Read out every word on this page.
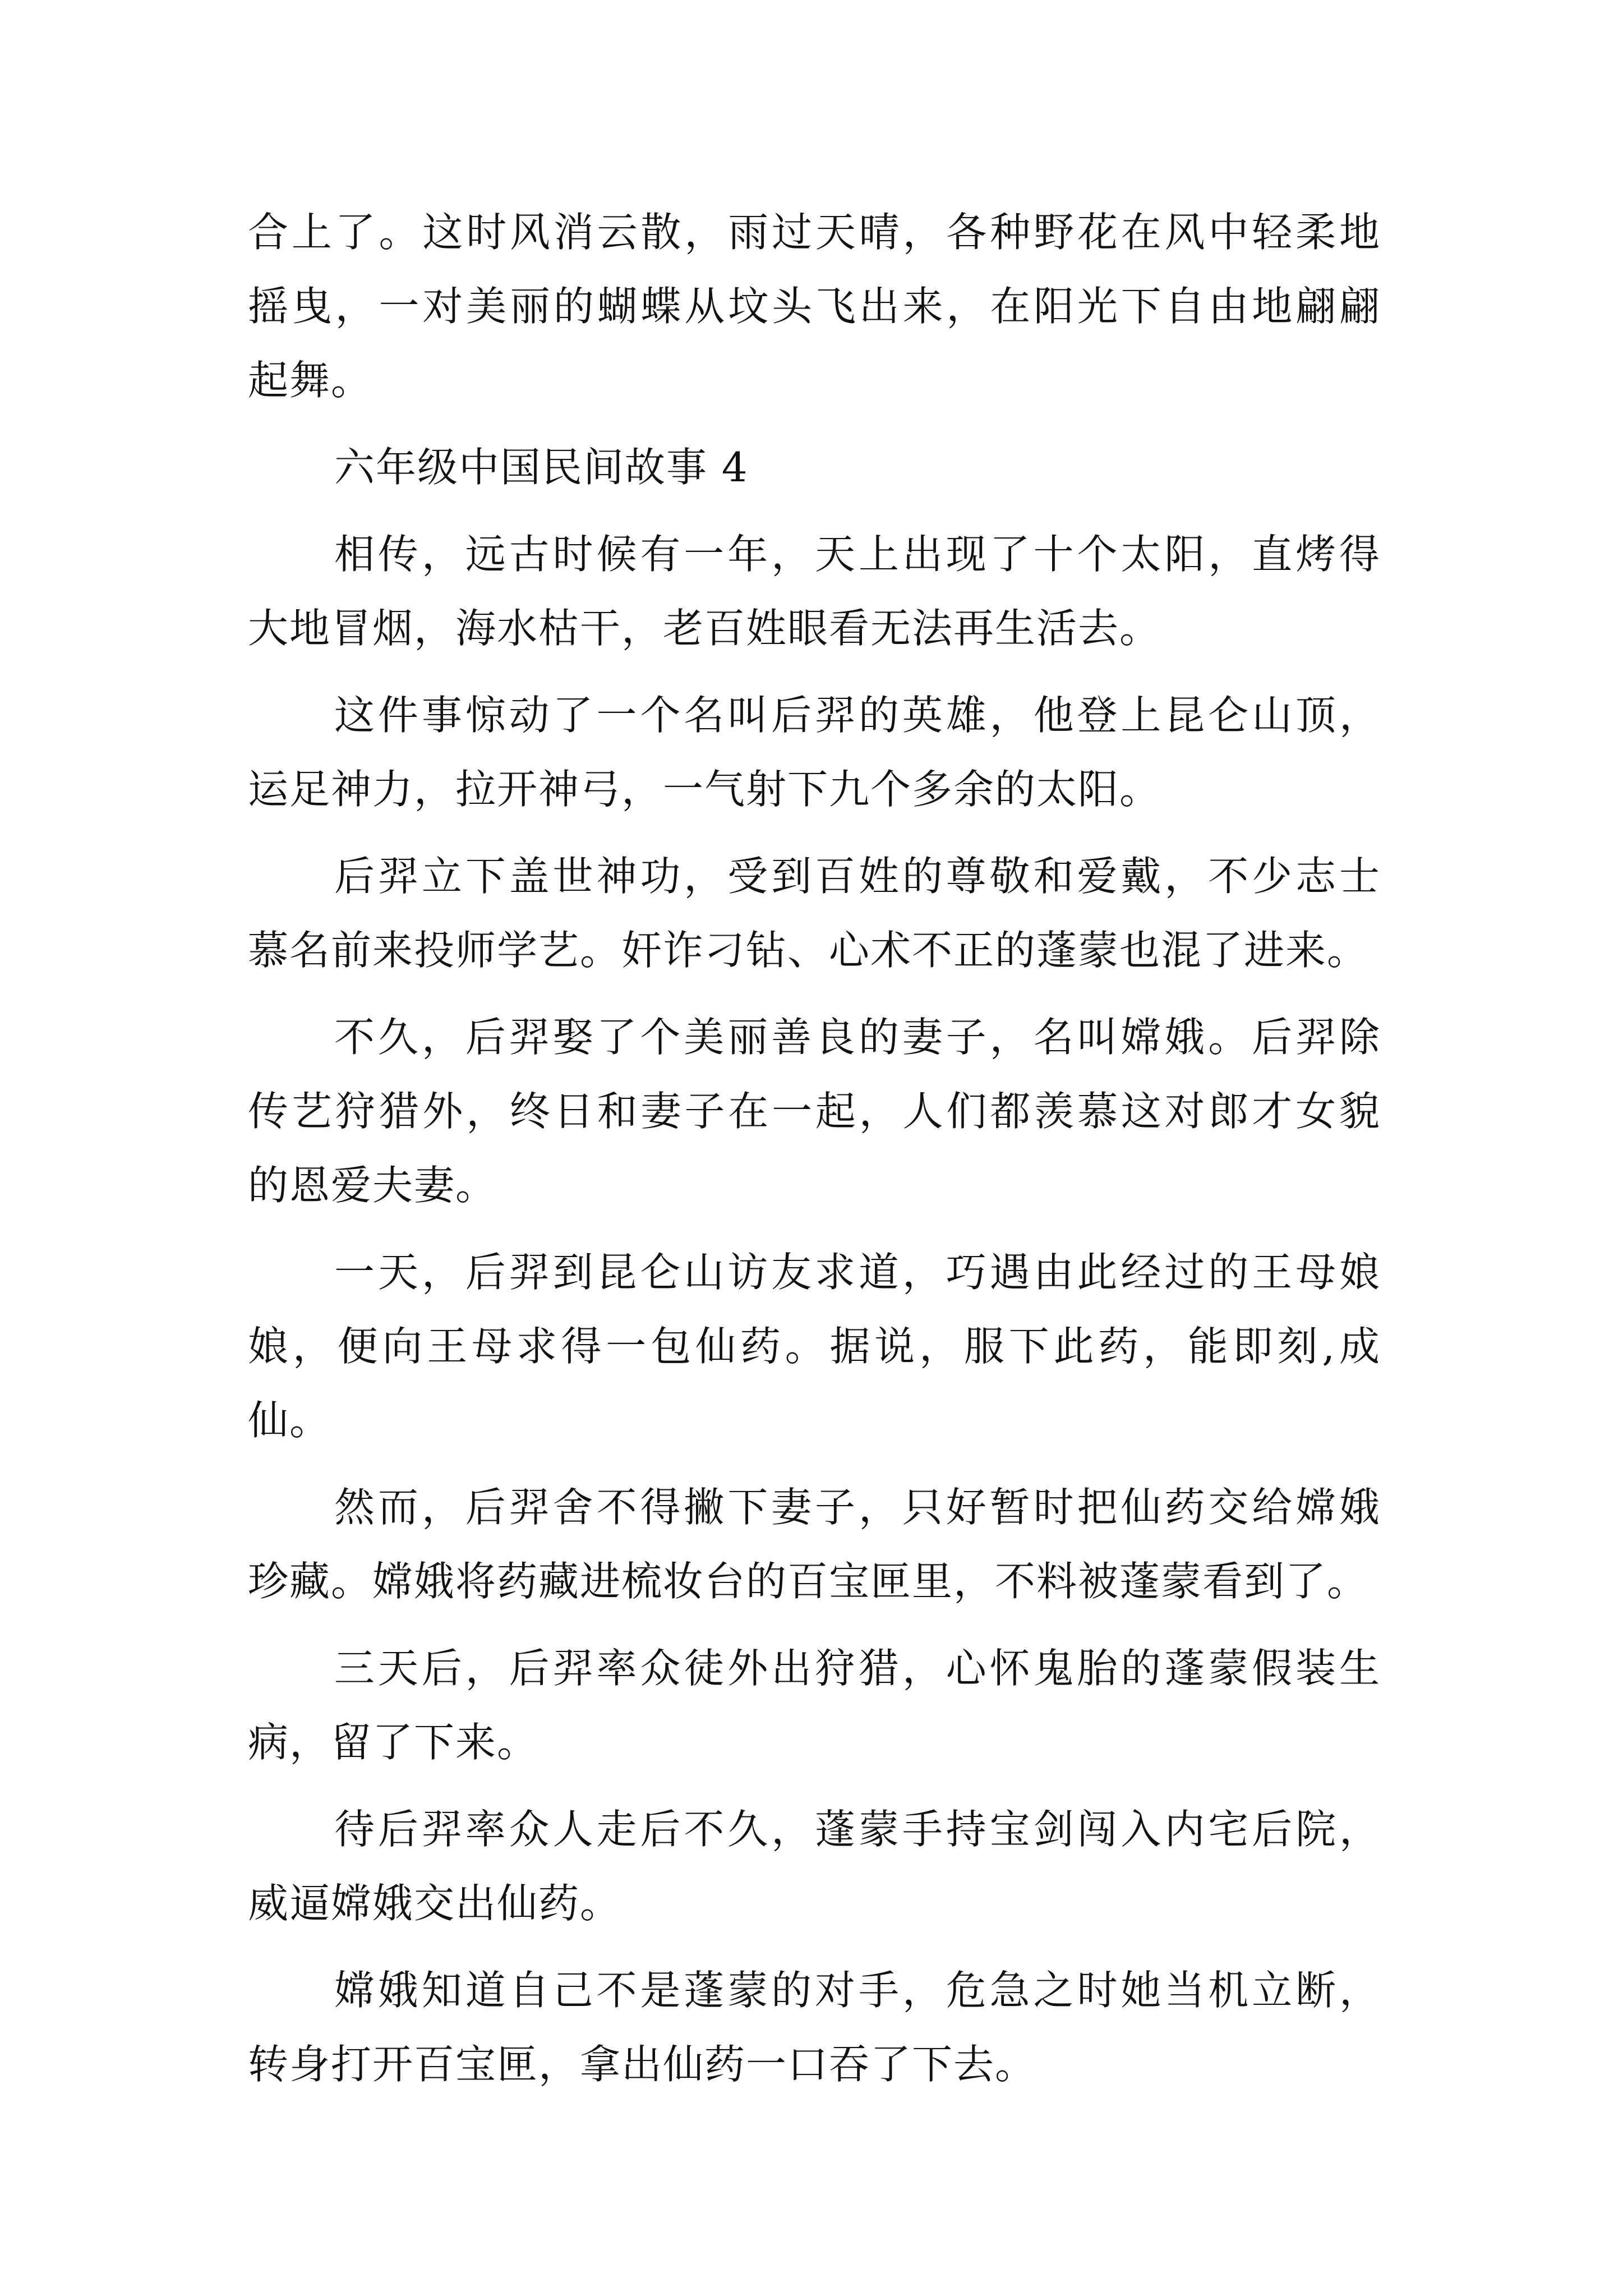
合上了。这时风消云散，雨过天晴，各种野花在风中轻柔地
摇曳，一对美丽的蝴蝶从坟头飞出来，在阳光下自由地翩翩
起舞。
六年级中国民间故事 4
相传，远古时候有一年，天上出现了十个太阳，直烤得
大地冒烟，海水枯干，老百姓眼看无法再生活去。
这件事惊动了一个名叫后羿的英雄，他登上昆仑山顶，
运足神力，拉开神弓，一气射下九个多余的太阳。
后羿立下盖世神功，受到百姓的尊敬和爱戴，不少志士
慕名前来投师学艺。奸诈刁钻、心术不正的蓬蒙也混了进来。
不久，后羿娶了个美丽善良的妻子，名叫嫦娥。后羿除
传艺狩猎外，终日和妻子在一起，人们都羡慕这对郎才女貌
的恩爱夫妻。
一天，后羿到昆仑山访友求道，巧遇由此经过的王母娘
娘，便向王母求得一包仙药。据说，服下此药，能即刻,成
仙。
然而，后羿舍不得撇下妻子，只好暂时把仙药交给嫦娥
珍藏。嫦娥将药藏进梳妆台的百宝匣里，不料被蓬蒙看到了。
三天后，后羿率众徒外出狩猎，心怀鬼胎的蓬蒙假装生
病，留了下来。
待后羿率众人走后不久，蓬蒙手持宝剑闯入内宅后院，
威逼嫦娥交出仙药。
嫦娥知道自己不是蓬蒙的对手，危急之时她当机立断，
转身打开百宝匣，拿出仙药一口吞了下去。
